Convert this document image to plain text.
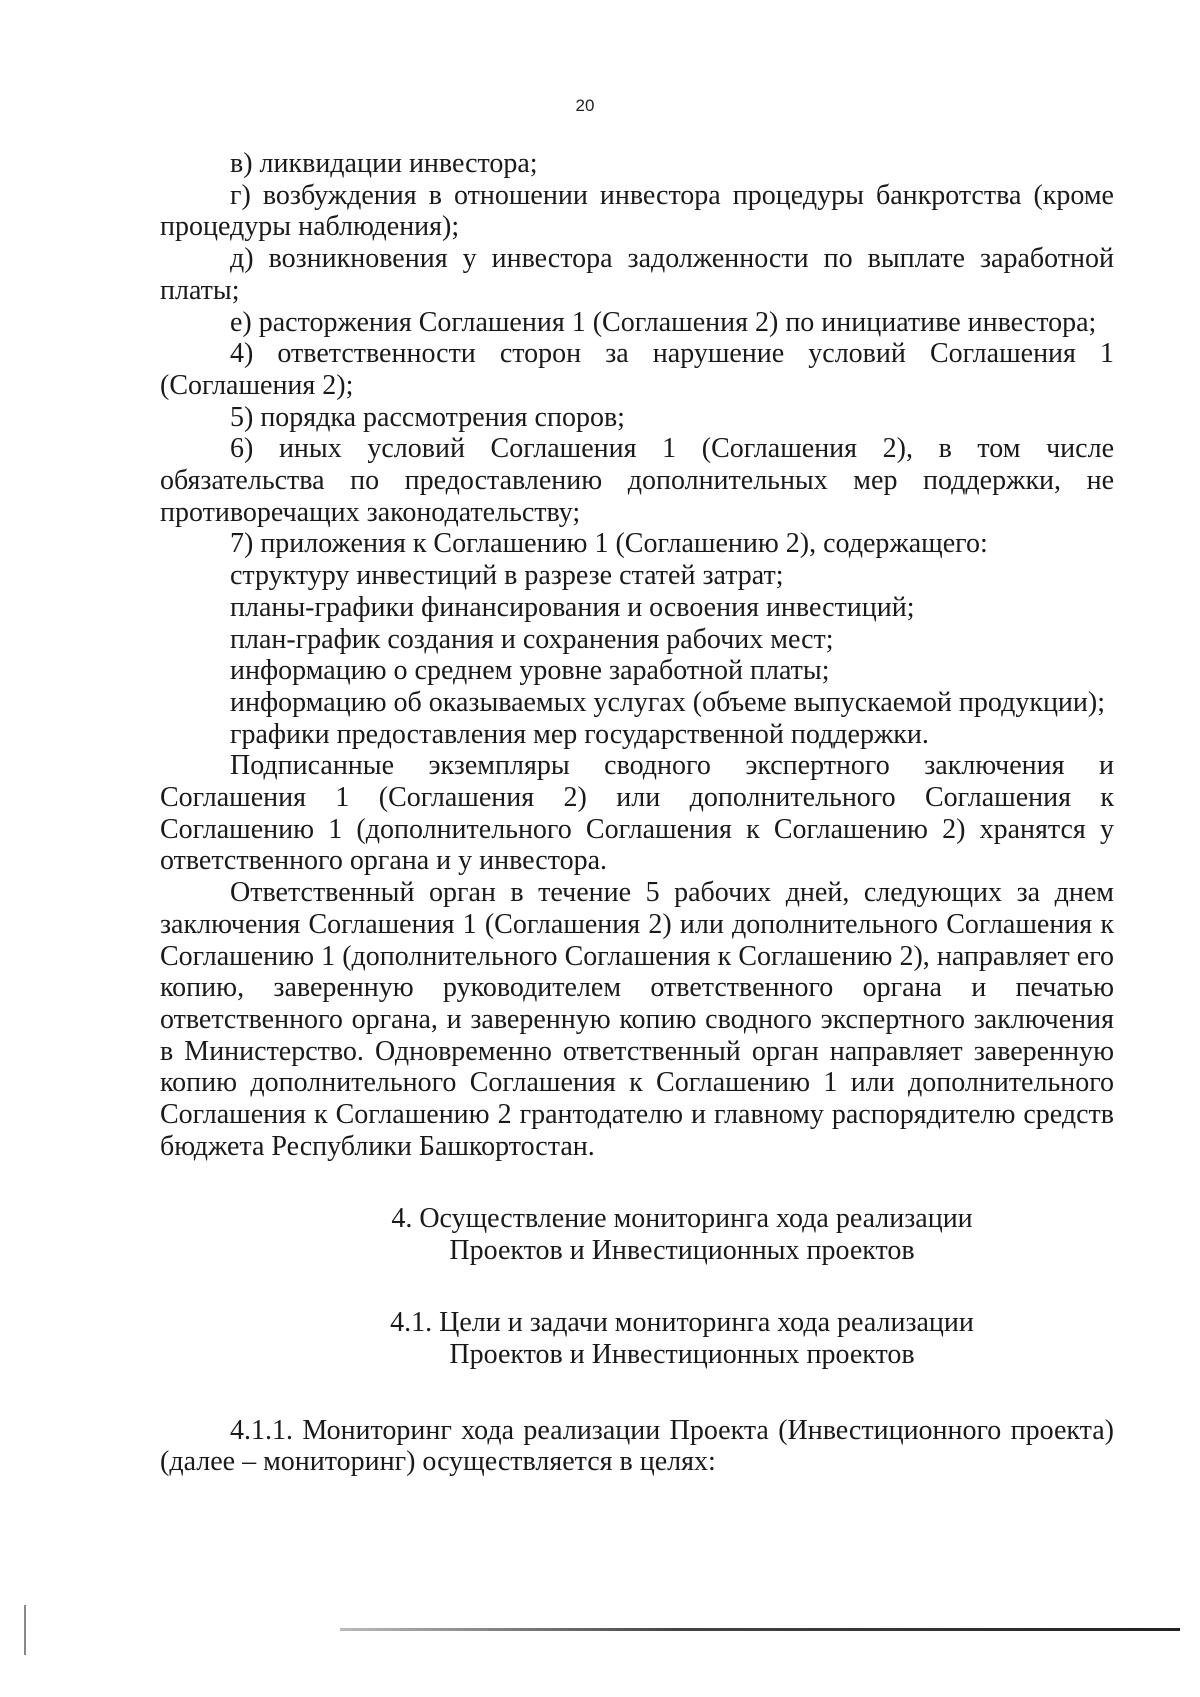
20

в) ликвидации инвестора;

г) возбуждения в отношении инвестора процедуры банкротства (кроме процедуры наблюдения);

д) возникновения у инвестора задолженности по выплате заработной платы;

е) расторжения Соглашения 1 (Соглашения 2) по инициативе инвестора;

4) ответственности сторон за нарушение условий Соглашения 1 (Соглашения 2);

5) порядка рассмотрения споров;

6) иных условий Соглашения 1 (Соглашения 2), в том числе обязательства по предоставлению дополнительных мер поддержки, не противоречащих законодательству;

7) приложения к Соглашению 1 (Соглашению 2), содержащего:

структуру инвестиций в разрезе статей затрат;

планы-графики финансирования и освоения инвестиций;

план-график создания и сохранения рабочих мест;

информацию о среднем уровне заработной платы;

информацию об оказываемых услугах (объеме выпускаемой продукции);

графики предоставления мер государственной поддержки.

Подписанные экземпляры сводного экспертного заключения и Соглашения 1 (Соглашения 2) или дополнительного Соглашения к Соглашению 1 (дополнительного Соглашения к Соглашению 2) хранятся у ответственного органа и у инвестора.

Ответственный орган в течение 5 рабочих дней, следующих за днем заключения Соглашения 1 (Соглашения 2) или дополнительного Соглашения к Соглашению 1 (дополнительного Соглашения к Соглашению 2), направляет его копию, заверенную руководителем ответственного органа и печатью ответственного органа, и заверенную копию сводного экспертного заключения в Министерство. Одновременно ответственный орган направляет заверенную копию дополнительного Соглашения к Соглашению 1 или дополнительного Соглашения к Соглашению 2 грантодателю и главному распорядителю средств бюджета Республики Башкортостан.

4. Осуществление мониторинга хода реализации
Проектов и Инвестиционных проектов
4.1. Цели и задачи мониторинга хода реализации
Проектов и Инвестиционных проектов

4.1.1. Мониторинг хода реализации Проекта (Инвестиционного проекта) (далее – мониторинг) осуществляется в целях:
